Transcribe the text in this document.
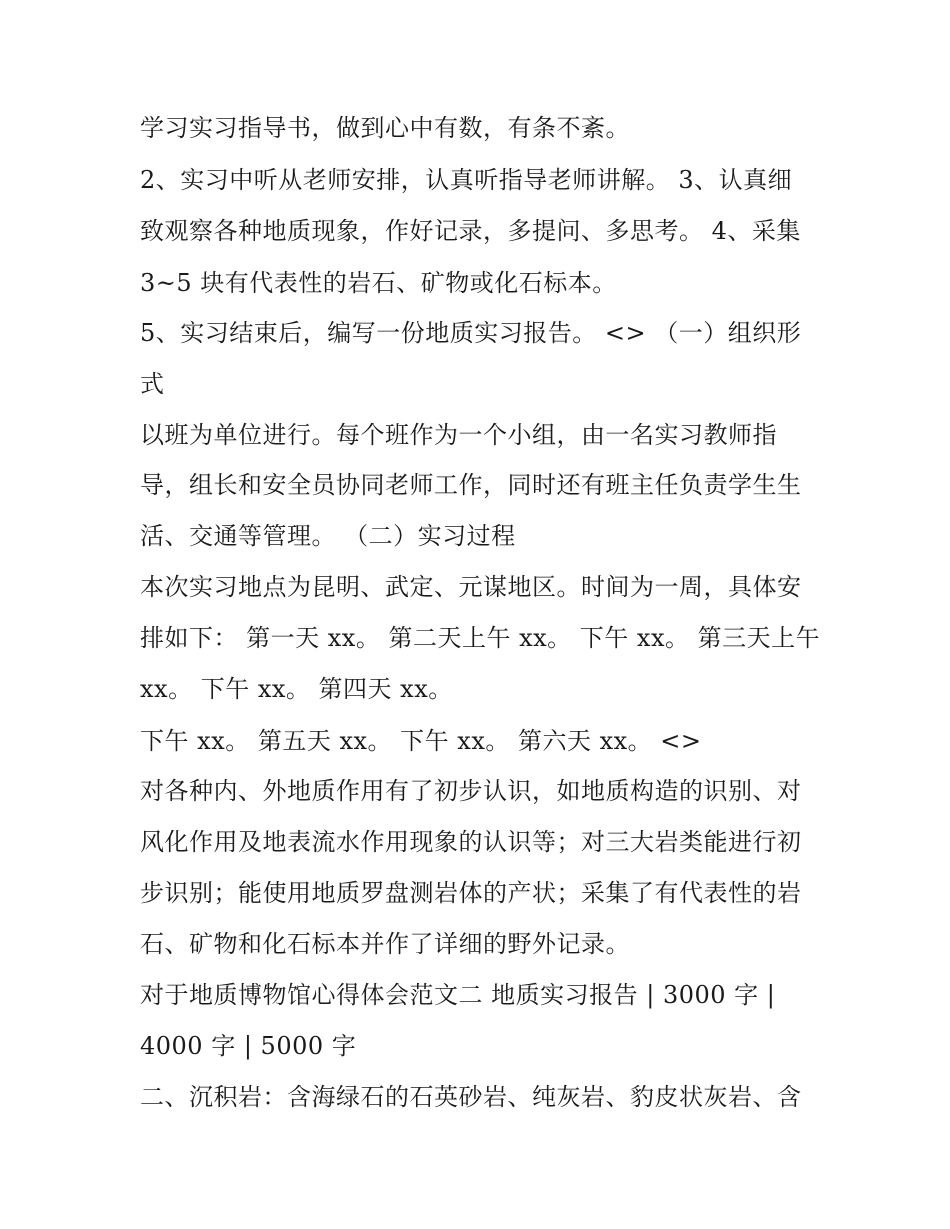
学习实习指导书，做到心中有数，有条不紊。
2、实习中听从老师安排，认真听指导老师讲解。 3、认真细
致观察各种地质现象，作好记录，多提问、多思考。 4、采集
3~5 块有代表性的岩石、矿物或化石标本。
5、实习结束后，编写一份地质实习报告。 <> （一）组织形
式
以班为单位进行。每个班作为一个小组，由一名实习教师指
导，组长和安全员协同老师工作，同时还有班主任负责学生生
活、交通等管理。 （二）实习过程
本次实习地点为昆明、武定、元谋地区。时间为一周，具体安
排如下： 第一天 xx。 第二天上午 xx。 下午 xx。 第三天上午
xx。 下午 xx。 第四天 xx。
下午 xx。 第五天 xx。 下午 xx。 第六天 xx。 <>
对各种内、外地质作用有了初步认识，如地质构造的识别、对
风化作用及地表流水作用现象的认识等；对三大岩类能进行初
步识别；能使用地质罗盘测岩体的产状；采集了有代表性的岩
石、矿物和化石标本并作了详细的野外记录。
对于地质博物馆心得体会范文二 地质实习报告 | 3000 字 |
4000 字 | 5000 字
二、沉积岩：含海绿石的石英砂岩、纯灰岩、豹皮状灰岩、含
